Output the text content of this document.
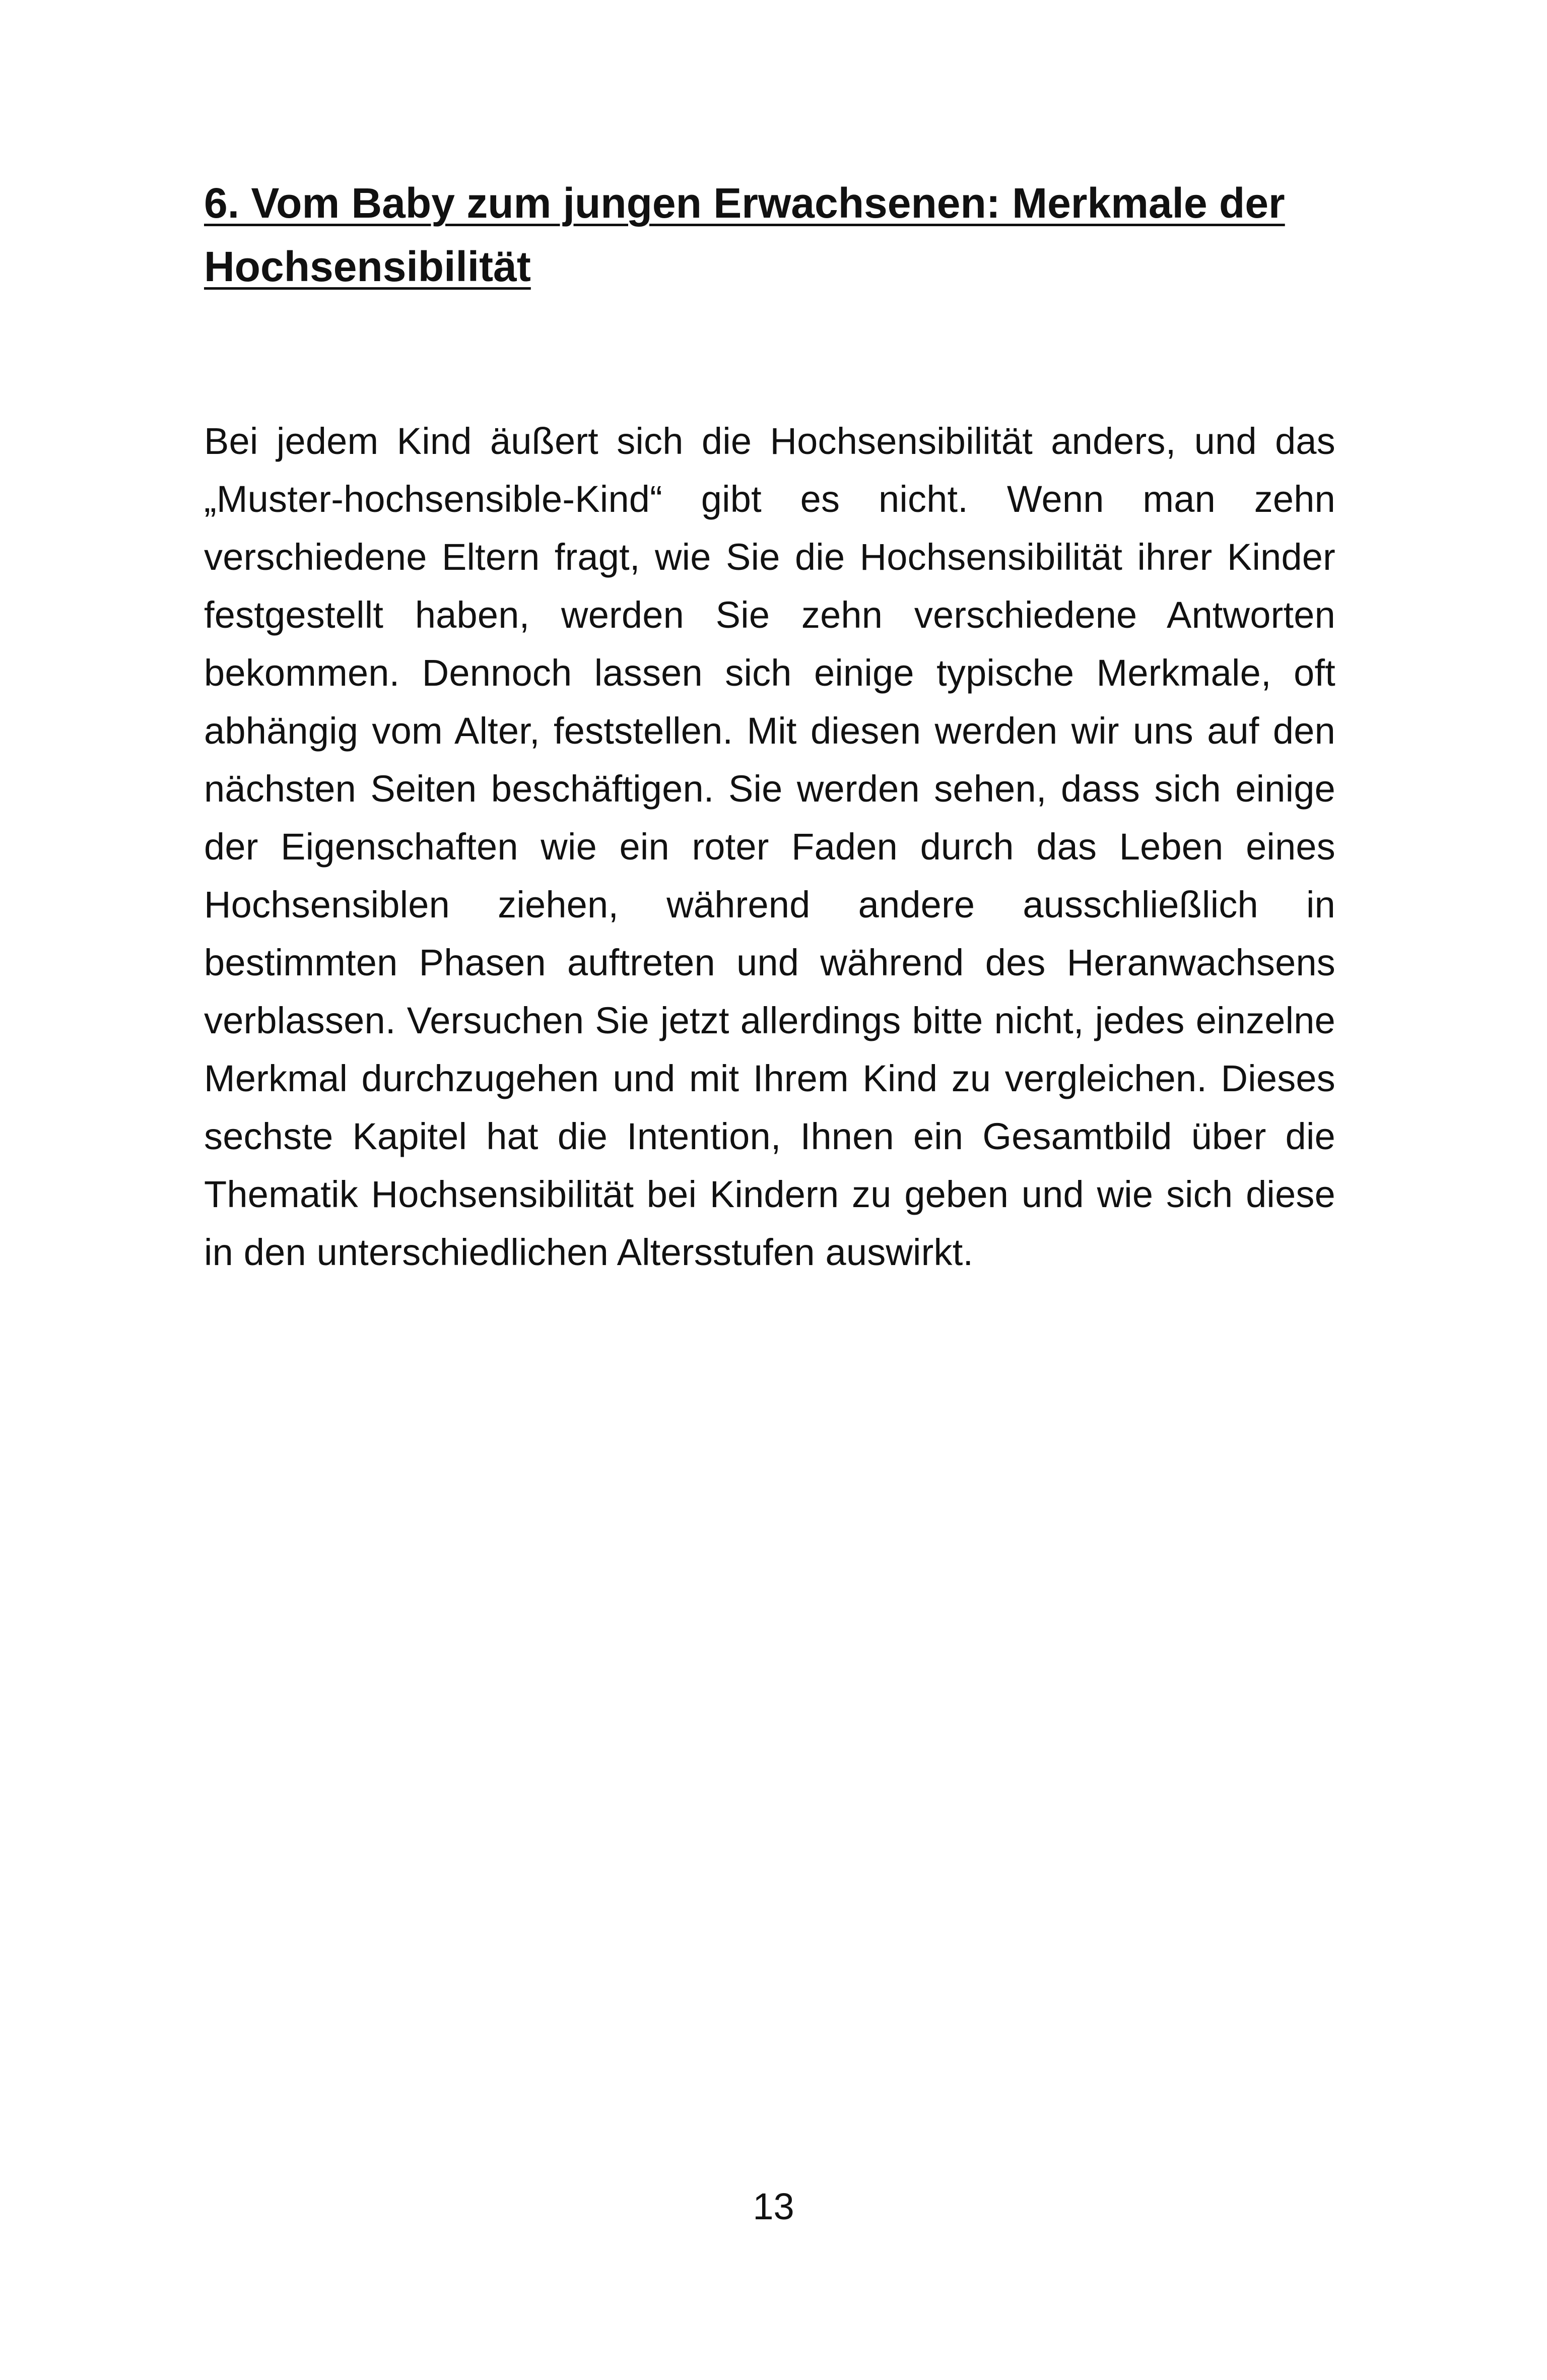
6. Vom Baby zum jungen Erwachsenen: Merkmale der Hochsensibilität

Bei jedem Kind äußert sich die Hochsensibilität anders, und das „Muster-hochsensible-Kind“ gibt es nicht. Wenn man zehn verschiedene Eltern fragt, wie Sie die Hochsensibilität ihrer Kinder festgestellt haben, werden Sie zehn verschiedene Antworten bekommen. Dennoch lassen sich einige typische Merkmale, oft abhängig vom Alter, feststellen. Mit diesen werden wir uns auf den nächsten Seiten beschäftigen. Sie werden sehen, dass sich einige der Eigenschaften wie ein roter Faden durch das Leben eines Hochsensiblen ziehen, während andere ausschließlich in bestimmten Phasen auftreten und während des Heranwachsens verblassen. Versuchen Sie jetzt allerdings bitte nicht, jedes einzelne Merkmal durchzugehen und mit Ihrem Kind zu vergleichen. Dieses sechste Kapitel hat die Intention, Ihnen ein Gesamtbild über die Thematik Hochsensibilität bei Kindern zu geben und wie sich diese in den unterschiedlichen Altersstufen auswirkt.

13
